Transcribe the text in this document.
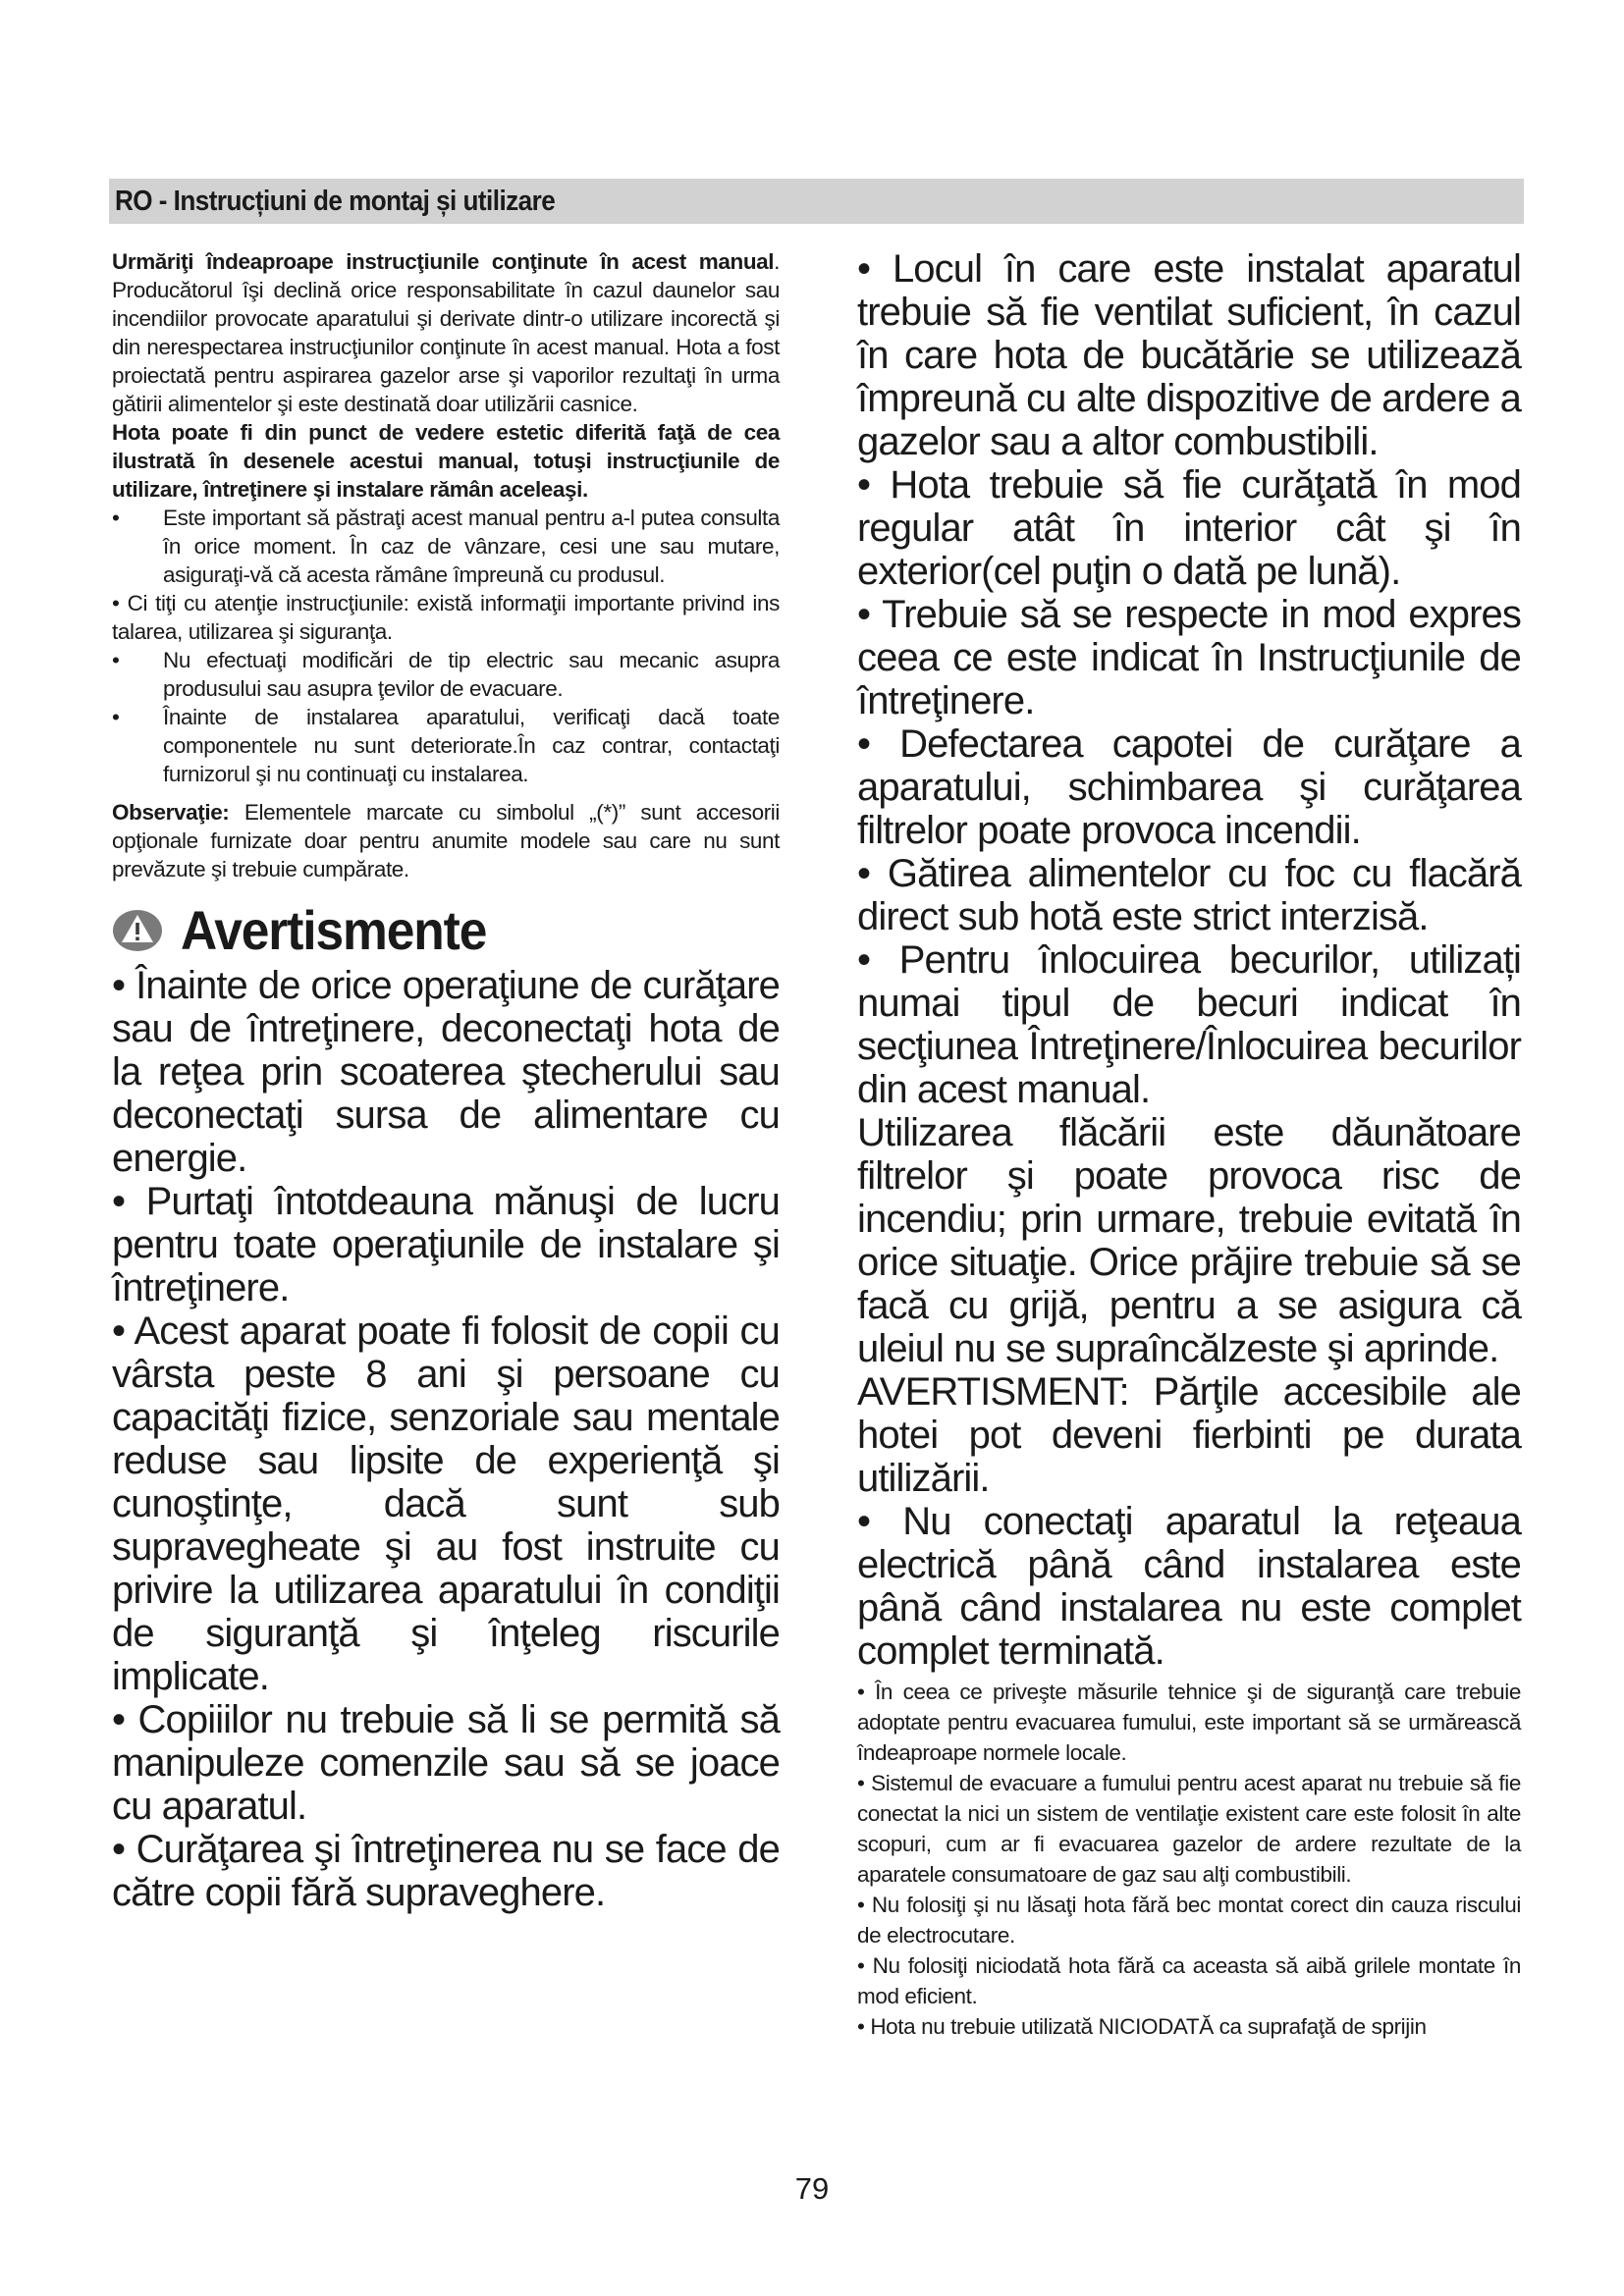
RO - Instrucțiuni de montaj și utilizare

Urmăriţi îndeaproape instrucţiunile conţinute în acest manual. Producătorul îşi declină orice responsabilitate în cazul daunelor sau incendiilor provocate aparatului şi derivate dintr-o utilizare incorectă şi din nerespectarea instrucţiunilor conţinute în acest manual. Hota a fost proiectată pentru aspirarea gazelor arse şi vaporilor rezultaţi în urma gătirii alimentelor şi este destinată doar utilizării casnice.

Hota poate fi din punct de vedere estetic diferită faţă de cea ilustrată în desenele acestui manual, totuşi instrucţiunile de utilizare, întreţinere şi instalare rămân aceleaşi.

•	Este important să păstraţi acest manual pentru a-l putea consulta în orice moment. În caz de vânzare, cesi une sau mutare, asiguraţi-vă că acesta rămâne împreună cu produsul.
• Ci tiţi cu atenţie instrucţiunile: există informaţii importante privind ins talarea, utilizarea şi siguranţa.
•	Nu efectuaţi modificări de tip electric sau mecanic asupra produsului sau asupra ţevilor de evacuare.
•	Înainte de instalarea aparatului, verificaţi dacă toate componentele nu sunt deteriorate.În caz contrar, contactaţi furnizorul şi nu continuaţi cu instalarea.

Observaţie: Elementele marcate cu simbolul „(*)” sunt accesorii opţionale furnizate doar pentru anumite modele sau care nu sunt prevăzute şi trebuie cumpărate.

Avertismente

• Înainte de orice operaţiune de curăţare sau de întreţinere, deconectaţi hota de la reţea prin scoaterea ştecherului sau deconectaţi sursa de alimentare cu energie.

• Purtaţi întotdeauna mănuşi de lucru pentru toate operaţiunile de instalare şi întreţinere.

• Acest aparat poate fi folosit de copii cu vârsta peste 8 ani şi persoane cu capacităţi fizice, senzoriale sau mentale reduse sau lipsite de experienţă şi cunoştinţe, dacă sunt sub supravegheate şi au fost instruite cu privire la utilizarea aparatului în condiţii de siguranţă şi înţeleg riscurile implicate.

• Copiiilor nu trebuie să li se permită să manipuleze comenzile sau să se joace cu aparatul.

• Curăţarea şi întreţinerea nu se face de către copii fără supraveghere.

• Locul în care este instalat aparatul trebuie să fie ventilat suficient, în cazul în care hota de bucătărie se utilizează împreună cu alte dispozitive de ardere a gazelor sau a altor combustibili.

• Hota trebuie să fie curăţată în mod regular atât în interior cât şi în exterior(cel puţin o dată pe lună).

• Trebuie să se respecte in mod expres ceea ce este indicat în Instrucţiunile de întreţinere.

• Defectarea capotei de curăţare a aparatului, schimbarea şi curăţarea filtrelor poate provoca incendii.

• Gătirea alimentelor cu foc cu flacără direct sub hotă este strict interzisă.

• Pentru înlocuirea becurilor, utilizați numai tipul de becuri indicat în secţiunea Întreţinere/Înlocuirea becurilor din acest manual.

Utilizarea flăcării este dăunătoare filtrelor şi poate provoca risc de incendiu; prin urmare, trebuie evitată în orice situaţie. Orice prăjire trebuie să se facă cu grijă, pentru a se asigura că uleiul nu se supraîncălzeste şi aprinde.

AVERTISMENT: Părţile accesibile ale hotei pot deveni fierbinti pe durata utilizării.

• Nu conectaţi aparatul la reţeaua electrică până când instalarea este până când instalarea nu este complet complet terminată.

• În ceea ce priveşte măsurile tehnice şi de siguranţă care trebuie adoptate pentru evacuarea fumului, este important să se urmărească îndeaproape normele locale.

• Sistemul de evacuare a fumului pentru acest aparat nu trebuie să fie conectat la nici un sistem de ventilaţie existent care este folosit în alte scopuri, cum ar fi evacuarea gazelor de ardere rezultate de la aparatele consumatoare de gaz sau alţi combustibili.

• Nu folosiţi şi nu lăsaţi hota fără bec montat corect din cauza riscului de electrocutare.

• Nu folosiţi niciodată hota fără ca aceasta să aibă grilele montate în mod eficient.

• Hota nu trebuie utilizată NICIODATĂ ca suprafaţă de sprijin

79
